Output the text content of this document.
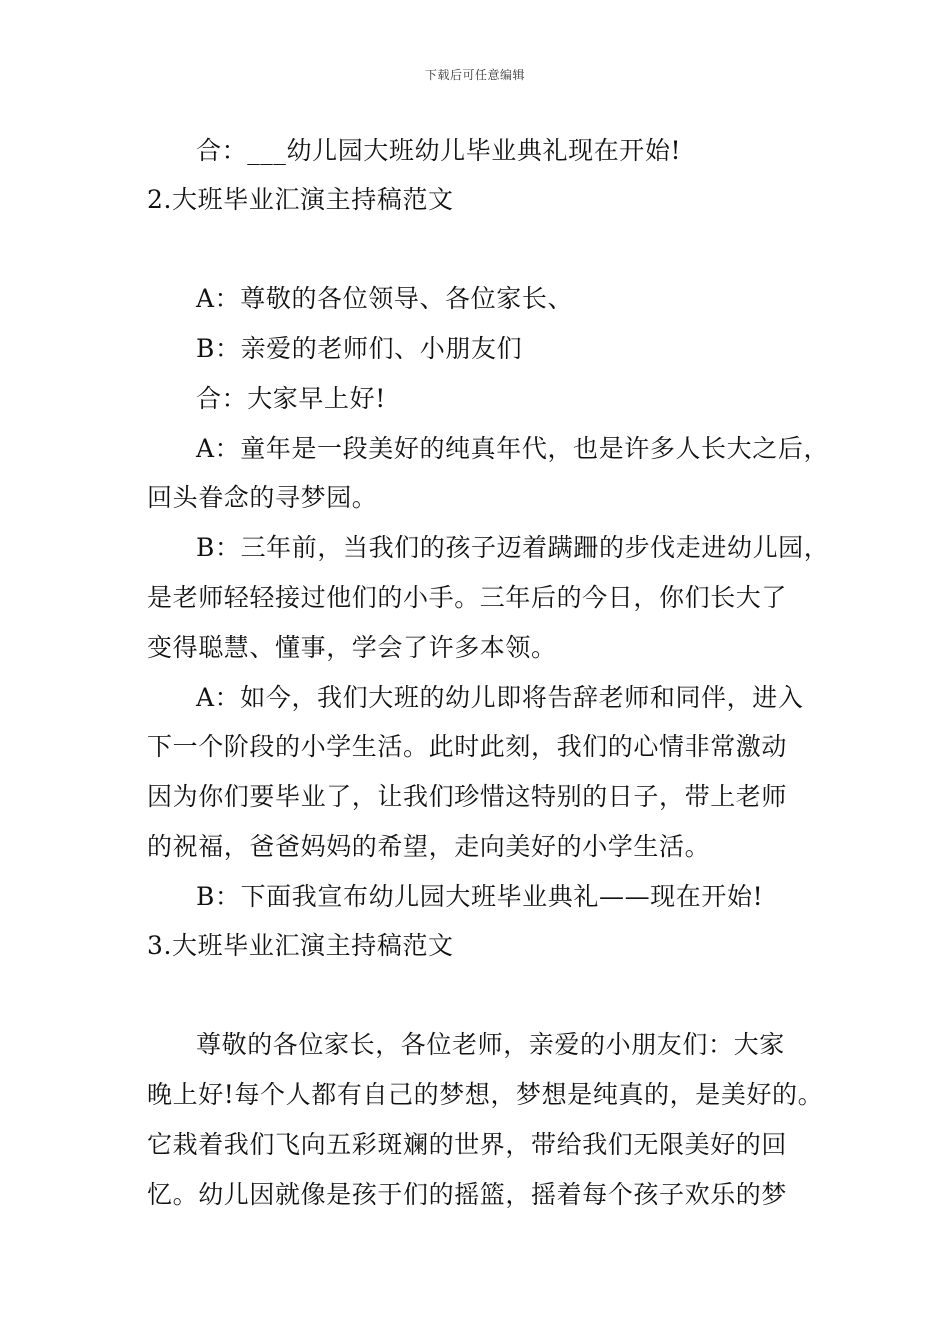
下载后可任意编辑
合：___幼儿园大班幼儿毕业典礼现在开始!
2.大班毕业汇演主持稿范文
A：尊敬的各位领导、各位家长、
B：亲爱的老师们、小朋友们
合：大家早上好!
A：童年是一段美好的纯真年代，也是许多人长大之后，
回头眷念的寻梦园。
B：三年前，当我们的孩子迈着蹒跚的步伐走进幼儿园，
是老师轻轻接过他们的小手。三年后的今日，你们长大了
变得聪慧、懂事，学会了许多本领。
A：如今，我们大班的幼儿即将告辞老师和同伴，进入
下一个阶段的小学生活。此时此刻，我们的心情非常激动
因为你们要毕业了，让我们珍惜这特别的日子，带上老师
的祝福，爸爸妈妈的希望，走向美好的小学生活。
B：下面我宣布幼儿园大班毕业典礼——现在开始!
3.大班毕业汇演主持稿范文
尊敬的各位家长，各位老师，亲爱的小朋友们：大家
晚上好!每个人都有自己的梦想，梦想是纯真的，是美好的。
它栽着我们飞向五彩斑斓的世界，带给我们无限美好的回
忆。幼儿因就像是孩于们的摇篮，摇着每个孩子欢乐的梦
